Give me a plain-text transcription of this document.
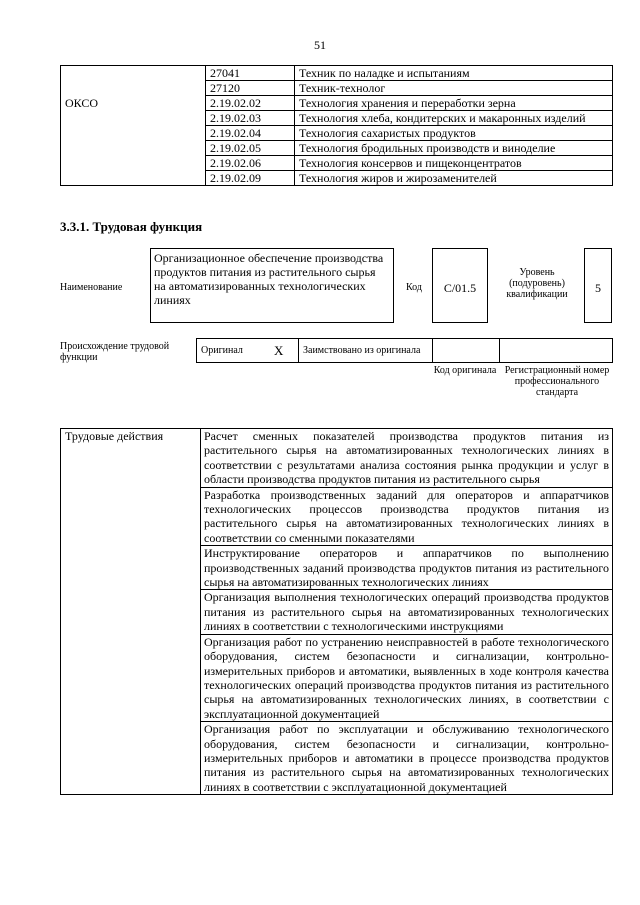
51
	27041	Техник по наладке и испытаниям
	27120	Техник-технолог
ОКСО	2.19.02.02	Технология хранения и переработки зерна
	2.19.02.03	Технология хлеба, кондитерских и макаронных изделий
	2.19.02.04	Технология сахаристых продуктов
	2.19.02.05	Технология бродильных производств и виноделие
	2.19.02.06	Технология консервов и пищеконцентратов
	2.19.02.09	Технология жиров и жирозаменителей
3.3.1. Трудовая функция
Наименование
Организационное обеспечение производства продуктов питания из растительного сырья на автоматизированных технологических линиях
Код	C/01.5
Уровень (подуровень) квалификации	5
Происхождение трудовой функции
Оригинал	X	Заимствовано из оригинала		
Код оригинала Регистрационный номер профессионального стандарта
Трудовые действия	Расчет сменных показателей производства продуктов питания из растительного сырья на автоматизированных технологических линиях в соответствии с результатами анализа состояния рынка продукции и услуг в области производства продуктов питания из растительного сырья
Разработка производственных заданий для операторов и аппаратчиков технологических процессов производства продуктов питания из растительного сырья на автоматизированных технологических линиях в соответствии со сменными показателями
Инструктирование операторов и аппаратчиков по выполнению производственных заданий производства продуктов питания из растительного сырья на автоматизированных технологических линиях
Организация выполнения технологических операций производства продуктов питания из растительного сырья на автоматизированных технологических линиях в соответствии с технологическими инструкциями
Организация работ по устранению неисправностей в работе технологического оборудования, систем безопасности и сигнализации, контрольно-измерительных приборов и автоматики, выявленных в ходе контроля качества технологических операций производства продуктов питания из растительного сырья на автоматизированных технологических линиях, в соответствии с эксплуатационной документацией
Организация работ по эксплуатации и обслуживанию технологического оборудования, систем безопасности и сигнализации, контрольно-измерительных приборов и автоматики в процессе производства продуктов питания из растительного сырья на автоматизированных технологических линиях в соответствии с эксплуатационной документацией
